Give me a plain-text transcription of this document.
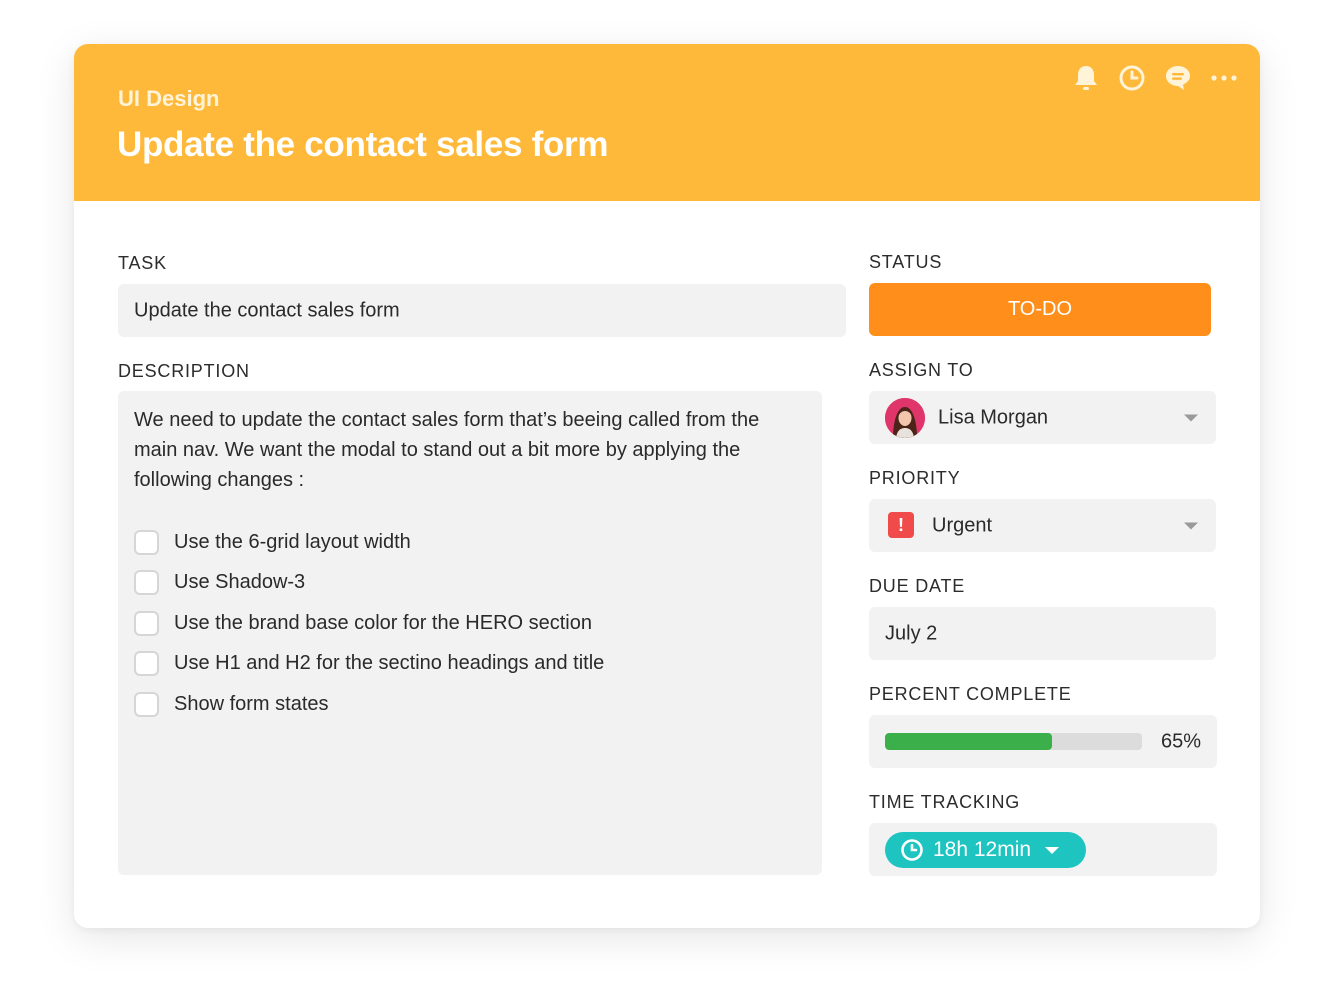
UI Design
Update the contact sales form
TASK
Update the contact sales form
DESCRIPTION
We need to update the contact sales form that’s beeing called from the main nav. We want the modal to stand out a bit more by applying the following changes :
Use the 6-grid layout width
Use Shadow-3
Use the brand base color for the HERO section
Use H1 and H2 for the sectino headings and title
Show form states
STATUS
TO-DO
ASSIGN TO
Lisa Morgan
PRIORITY
!	Urgent
DUE DATE
July 2
PERCENT COMPLETE
65%
TIME TRACKING
18h 12min
